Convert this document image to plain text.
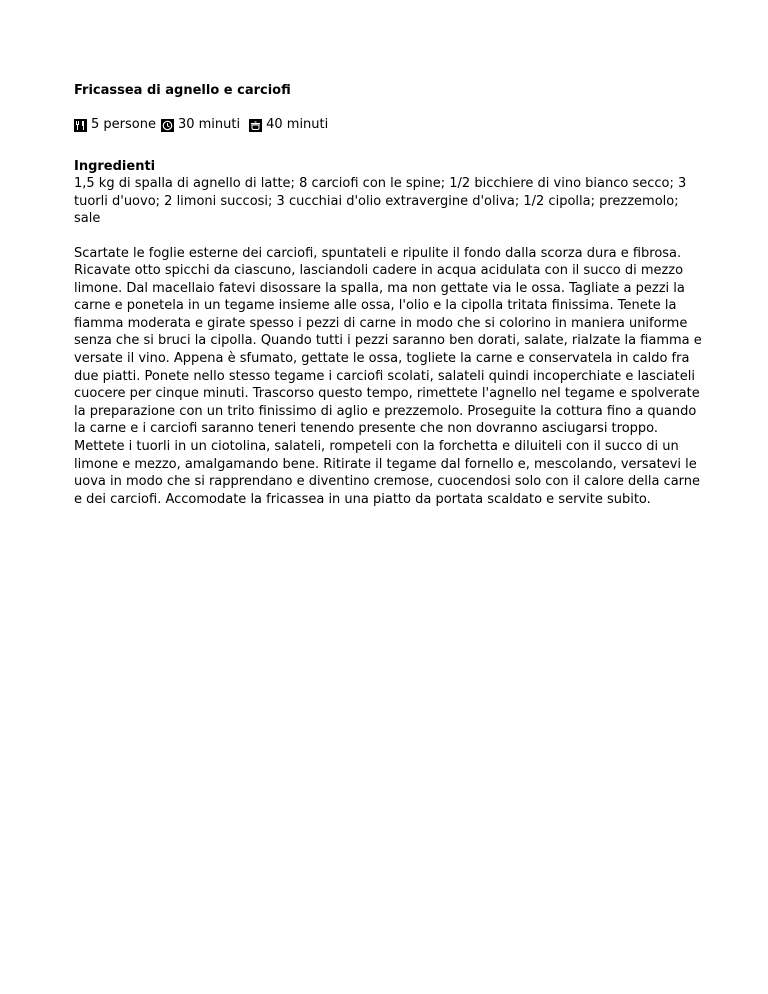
Fricassea di agnello e carciofi
5 persone 30 minuti 40 minuti
Ingredienti

1,5 kg di spalla di agnello di latte; 8 carciofi con le spine; 1/2 bicchiere di vino bianco secco; 3 tuorli d'uovo; 2 limoni succosi; 3 cucchiai d'olio extravergine d'oliva; 1/2 cipolla; prezzemolo; sale

Scartate le foglie esterne dei carciofi, spuntateli e ripulite il fondo dalla scorza dura e fibrosa. Ricavate otto spicchi da ciascuno, lasciandoli cadere in acqua acidulata con il succo di mezzo limone. Dal macellaio fatevi disossare la spalla, ma non gettate via le ossa. Tagliate a pezzi la carne e ponetela in un tegame insieme alle ossa, l'olio e la cipolla tritata finissima. Tenete la fiamma moderata e girate spesso i pezzi di carne in modo che si colorino in maniera uniforme senza che si bruci la cipolla. Quando tutti i pezzi saranno ben dorati, salate, rialzate la fiamma e versate il vino. Appena è sfumato, gettate le ossa, togliete la carne e conservatela in caldo fra due piatti. Ponete nello stesso tegame i carciofi scolati, salateli quindi incoperchiate e lasciateli cuocere per cinque minuti. Trascorso questo tempo, rimettete l'agnello nel tegame e spolverate la preparazione con un trito finissimo di aglio e prezzemolo. Proseguite la cottura fino a quando la carne e i carciofi saranno teneri tenendo presente che non dovranno asciugarsi troppo. Mettete i tuorli in un ciotolina, salateli, rompeteli con la forchetta e diluiteli con il succo di un limone e mezzo, amalgamando bene. Ritirate il tegame dal fornello e, mescolando, versatevi le uova in modo che si rapprendano e diventino cremose, cuocendosi solo con il calore della carne e dei carciofi. Accomodate la fricassea in una piatto da portata scaldato e servite subito.
